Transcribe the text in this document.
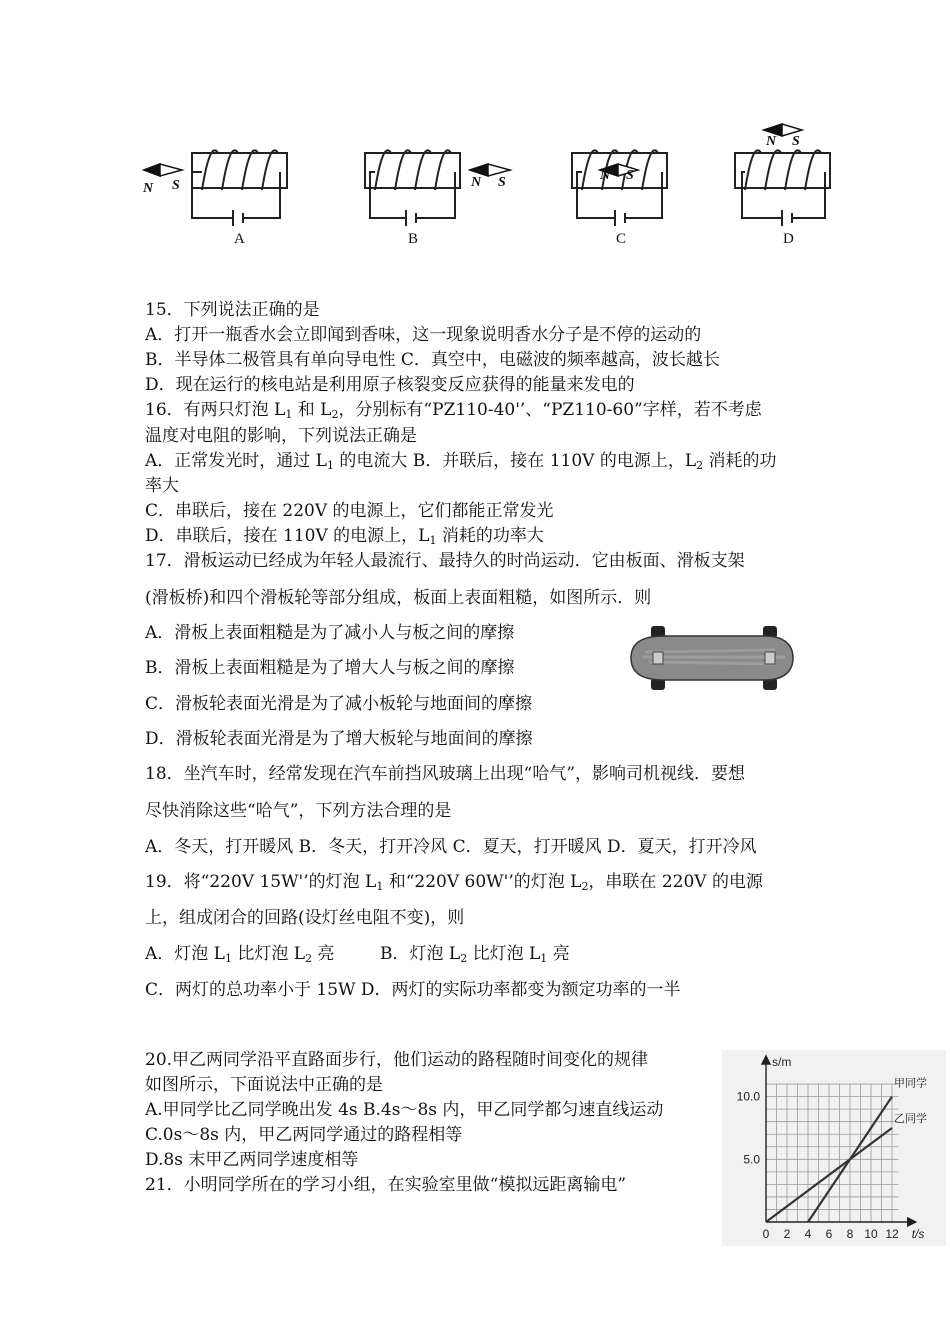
N S	N S	N S
N S
A	B	C	D
15．下列说法正确的是
A．打开一瓶香水会立即闻到香味，这一现象说明香水分子是不停的运动的
B．半导体二极管具有单向导电性 C．真空中，电磁波的频率越高，波长越长
D．现在运行的核电站是利用原子核裂变反应获得的能量来发电的
16．有两只灯泡 $L_1$ 和 $L_2$，分别标有“PZ110-40'’、“PZ110-60”字样，若不考虑
温度对电阻的影响，下列说法正确是
A．正常发光时，通过 $L_1$ 的电流大 B．并联后，接在 110V 的电源上，$L_2$ 消耗的功
率大
C．串联后，接在 220V 的电源上，它们都能正常发光
D．串联后，接在 110V 的电源上，$L_1$ 消耗的功率大
17．滑板运动已经成为年轻人最流行、最持久的时尚运动．它由板面、滑板支架
(滑板桥)和四个滑板轮等部分组成，板面上表面粗糙，如图所示．则
A．滑板上表面粗糙是为了减小人与板之间的摩擦
B．滑板上表面粗糙是为了增大人与板之间的摩擦
C．滑板轮表面光滑是为了减小板轮与地面间的摩擦
D．滑板轮表面光滑是为了增大板轮与地面间的摩擦
18．坐汽车时，经常发现在汽车前挡风玻璃上出现“哈气”，影响司机视线．要想
尽快消除这些“哈气”，下列方法合理的是
A．冬天，打开暖风 B．冬天，打开冷风 C．夏天，打开暖风 D．夏天，打开冷风
19．将“220V 15W'’的灯泡 $L_1$ 和“220V 60W'’的灯泡 $L_2$，串联在 220V 的电源
上，组成闭合的回路(设灯丝电阻不变)，则
A．灯泡 $L_1$ 比灯泡 $L_2$ 亮	B．灯泡 $L_2$ 比灯泡 $L_1$ 亮
C．两灯的总功率小于 15W D．两灯的实际功率都变为额定功率的一半
20.甲乙两同学沿平直路面步行，他们运动的路程随时间变化的规律
如图所示，下面说法中正确的是
A.甲同学比乙同学晚出发 4s B.4s～8s 内，甲乙同学都匀速直线运动
C.0s～8s 内，甲乙两同学通过的路程相等
D.8s 末甲乙两同学速度相等
21．小明同学所在的学习小组，在实验室里做“模拟远距离输电”
0 2 4 6 8 10 12
5.0
10.0
t/s
s/m
甲同学
乙同学
